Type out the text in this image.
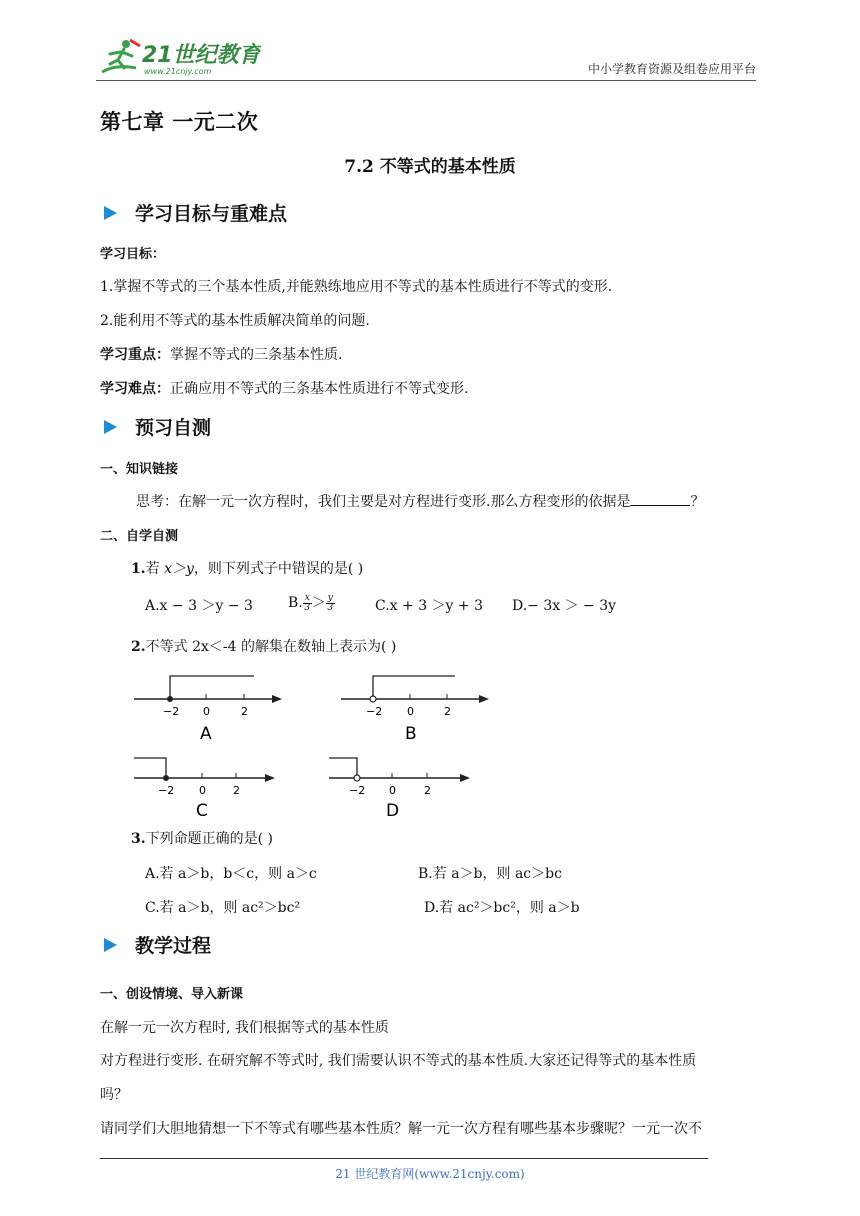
21世纪教育
www.21cnjy.com	中小学教育资源及组卷应用平台
第七章 一元二次
7.2 不等式的基本性质
学习目标与重难点
学习目标：
1.掌握不等式的三个基本性质,并能熟练地应用不等式的基本性质进行不等式的变形.
2.能利用不等式的基本性质解决简单的问题.
学习重点：掌握不等式的三条基本性质.
学习难点：正确应用不等式的三条基本性质进行不等式变形.
预习自测
一、知识链接
思考：在解一元一次方程时，我们主要是对方程进行变形.那么方程变形的依据是	？
二、自学自测
1.若 x＞y，则下列式子中错误的是( )
A.x − 3 ＞y − 3	B. $\frac{x}{3} > \frac{y}{3}$	C.x + 3 ＞y + 3 D.− 3x ＞ − 3y
2.不等式 2x＜-4 的解集在数轴上表示为( )
−2 0	2
A
−2 0	2
B
−2 0 2
C
−2 0	2
D
3.下列命题正确的是( )
A.若 a＞b，b＜c，则 a＞c	B.若 a＞b，则 ac＞bc
C.若 a＞b，则 ac²＞bc²	D.若 ac²＞bc²，则 a＞b
教学过程
一、创设情境、导入新课
在解一元一次方程时, 我们根据等式的基本性质
对方程进行变形. 在研究解不等式时, 我们需要认识不等式的基本性质.大家还记得等式的基本性质
吗？
请同学们大胆地猜想一下不等式有哪些基本性质？解一元一次方程有哪些基本步骤呢？一元一次不
21 世纪教育网(www.21cnjy.com)
